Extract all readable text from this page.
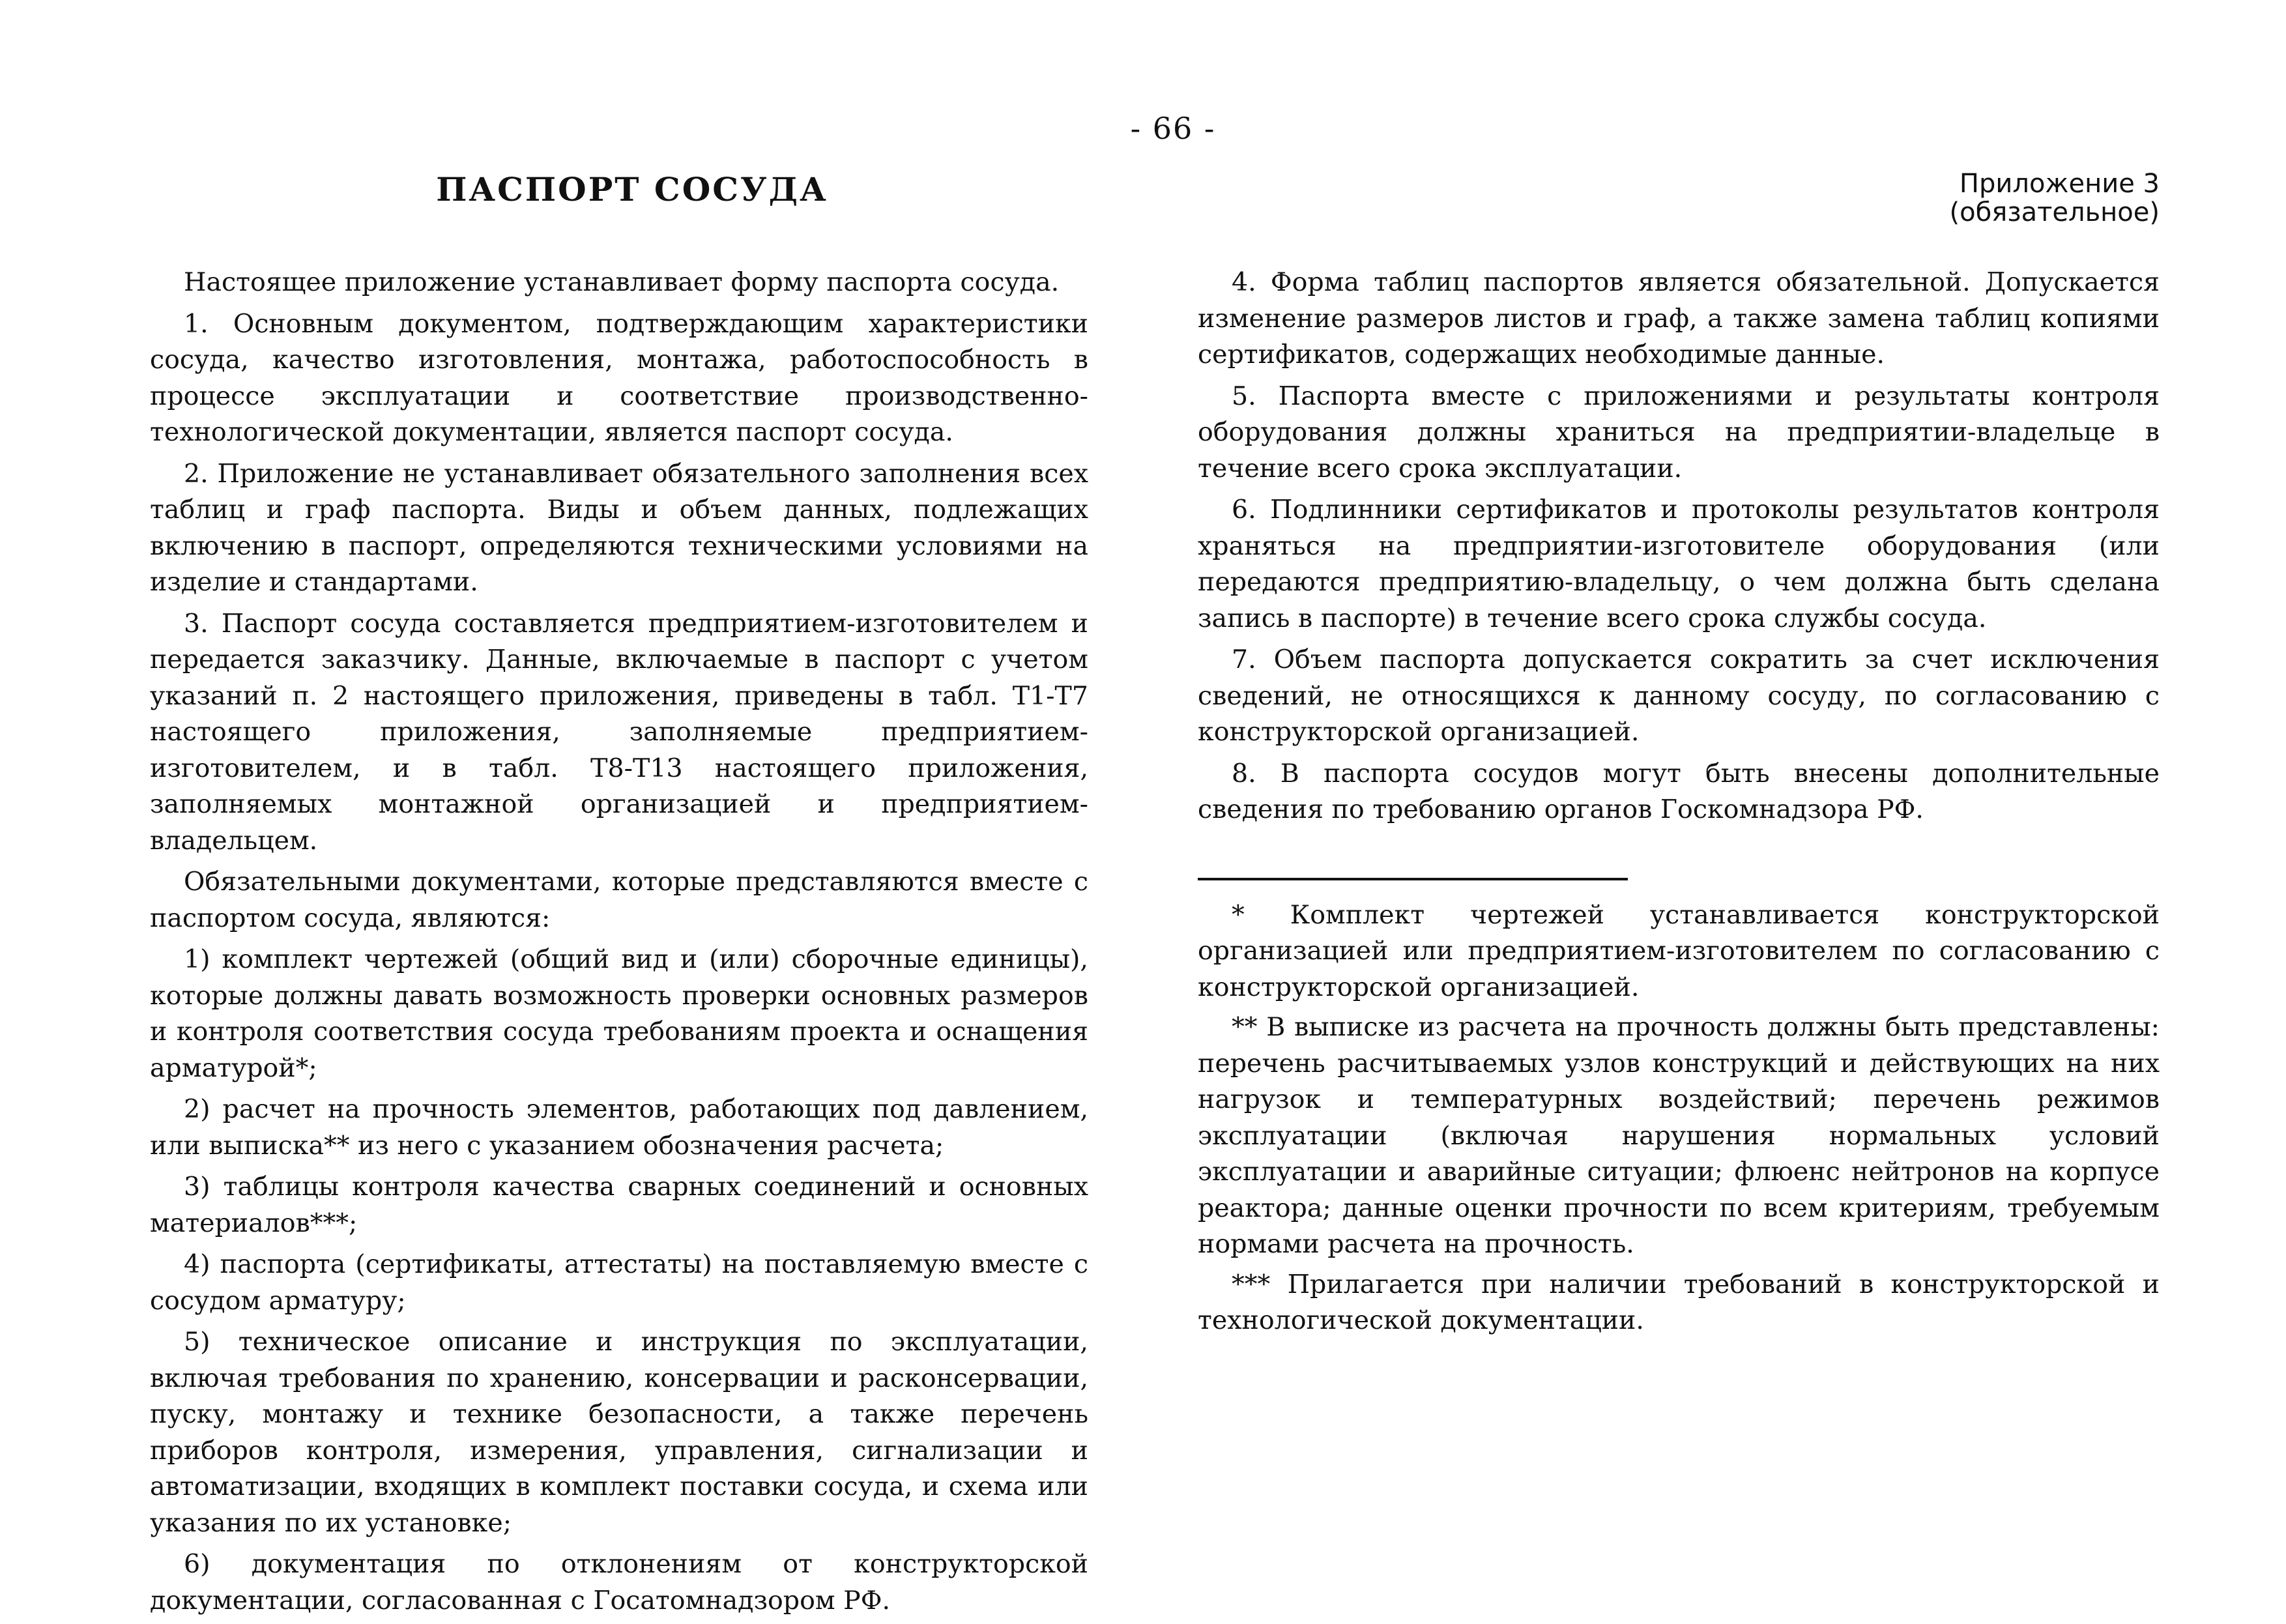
- 66 -
ПАСПОРТ СОСУДА

Настоящее приложение устанавливает форму паспорта сосуда.

1. Основным документом, подтверждающим характеристики сосуда, качество изготовления, монтажа, работоспособность в процессе эксплуатации и соответствие производственно-технологической документации, является паспорт сосуда.

2. Приложение не устанавливает обязательного заполнения всех таблиц и граф паспорта. Виды и объем данных, подлежащих включению в паспорт, определяются техническими условиями на изделие и стандартами.

3. Паспорт сосуда составляется предприятием-изготовителем и передается заказчику. Данные, включаемые в паспорт с учетом указаний п. 2 настоящего приложения, приведены в табл. Т1-Т7 настоящего приложения, заполняемые предприятием-изготовителем, и в табл. Т8-Т13 настоящего приложения, заполняемых монтажной организацией и предприятием-владельцем.

Обязательными документами, которые представляются вместе с паспортом сосуда, являются:

1) комплект чертежей (общий вид и (или) сборочные единицы), которые должны давать возможность проверки основных размеров и контроля соответствия сосуда требованиям проекта и оснащения арматурой*;

2) расчет на прочность элементов, работающих под давлением, или выписка** из него с указанием обозначения расчета;

3) таблицы контроля качества сварных соединений и основных материалов***;

4) паспорта (сертификаты, аттестаты) на поставляемую вместе с сосудом арматуру;

5) техническое описание и инструкция по эксплуатации, включая требования по хранению, консервации и расконсервации, пуску, монтажу и технике безопасности, а также перечень приборов контроля, измерения, управления, сигнализации и автоматизации, входящих в комплект поставки сосуда, и схема или указания по их установке;

6) документация по отклонениям от конструкторской документации, согласованная с Госатомнадзором РФ.

Приложение 3
(обязательное)

4. Форма таблиц паспортов является обязательной. Допускается изменение размеров листов и граф, а также замена таблиц копиями сертификатов, содержащих необходимые данные.

5. Паспорта вместе с приложениями и результаты контроля оборудования должны храниться на предприятии-владельце в течение всего срока эксплуатации.

6. Подлинники сертификатов и протоколы результатов контроля храняться на предприятии-изготовителе оборудования (или передаются предприятию-владельцу, о чем должна быть сделана запись в паспорте) в течение всего срока службы сосуда.

7. Объем паспорта допускается сократить за счет исключения сведений, не относящихся к данному сосуду, по согласованию с конструкторской организацией.

8. В паспорта сосудов могут быть внесены дополнительные сведения по требованию органов Госкомнадзора РФ.

* Комплект чертежей устанавливается конструкторской организацией или предприятием-изготовителем по согласованию с конструкторской организацией.

** В выписке из расчета на прочность должны быть представлены: перечень расчитываемых узлов конструкций и действующих на них нагрузок и температурных воздействий; перечень режимов эксплуатации (включая нарушения нормальных условий эксплуатации и аварийные ситуации; флюенс нейтронов на корпусе реактора; данные оценки прочности по всем критериям, требуемым нормами расчета на прочность.

*** Прилагается при наличии требований в конструкторской и технологической документации.
